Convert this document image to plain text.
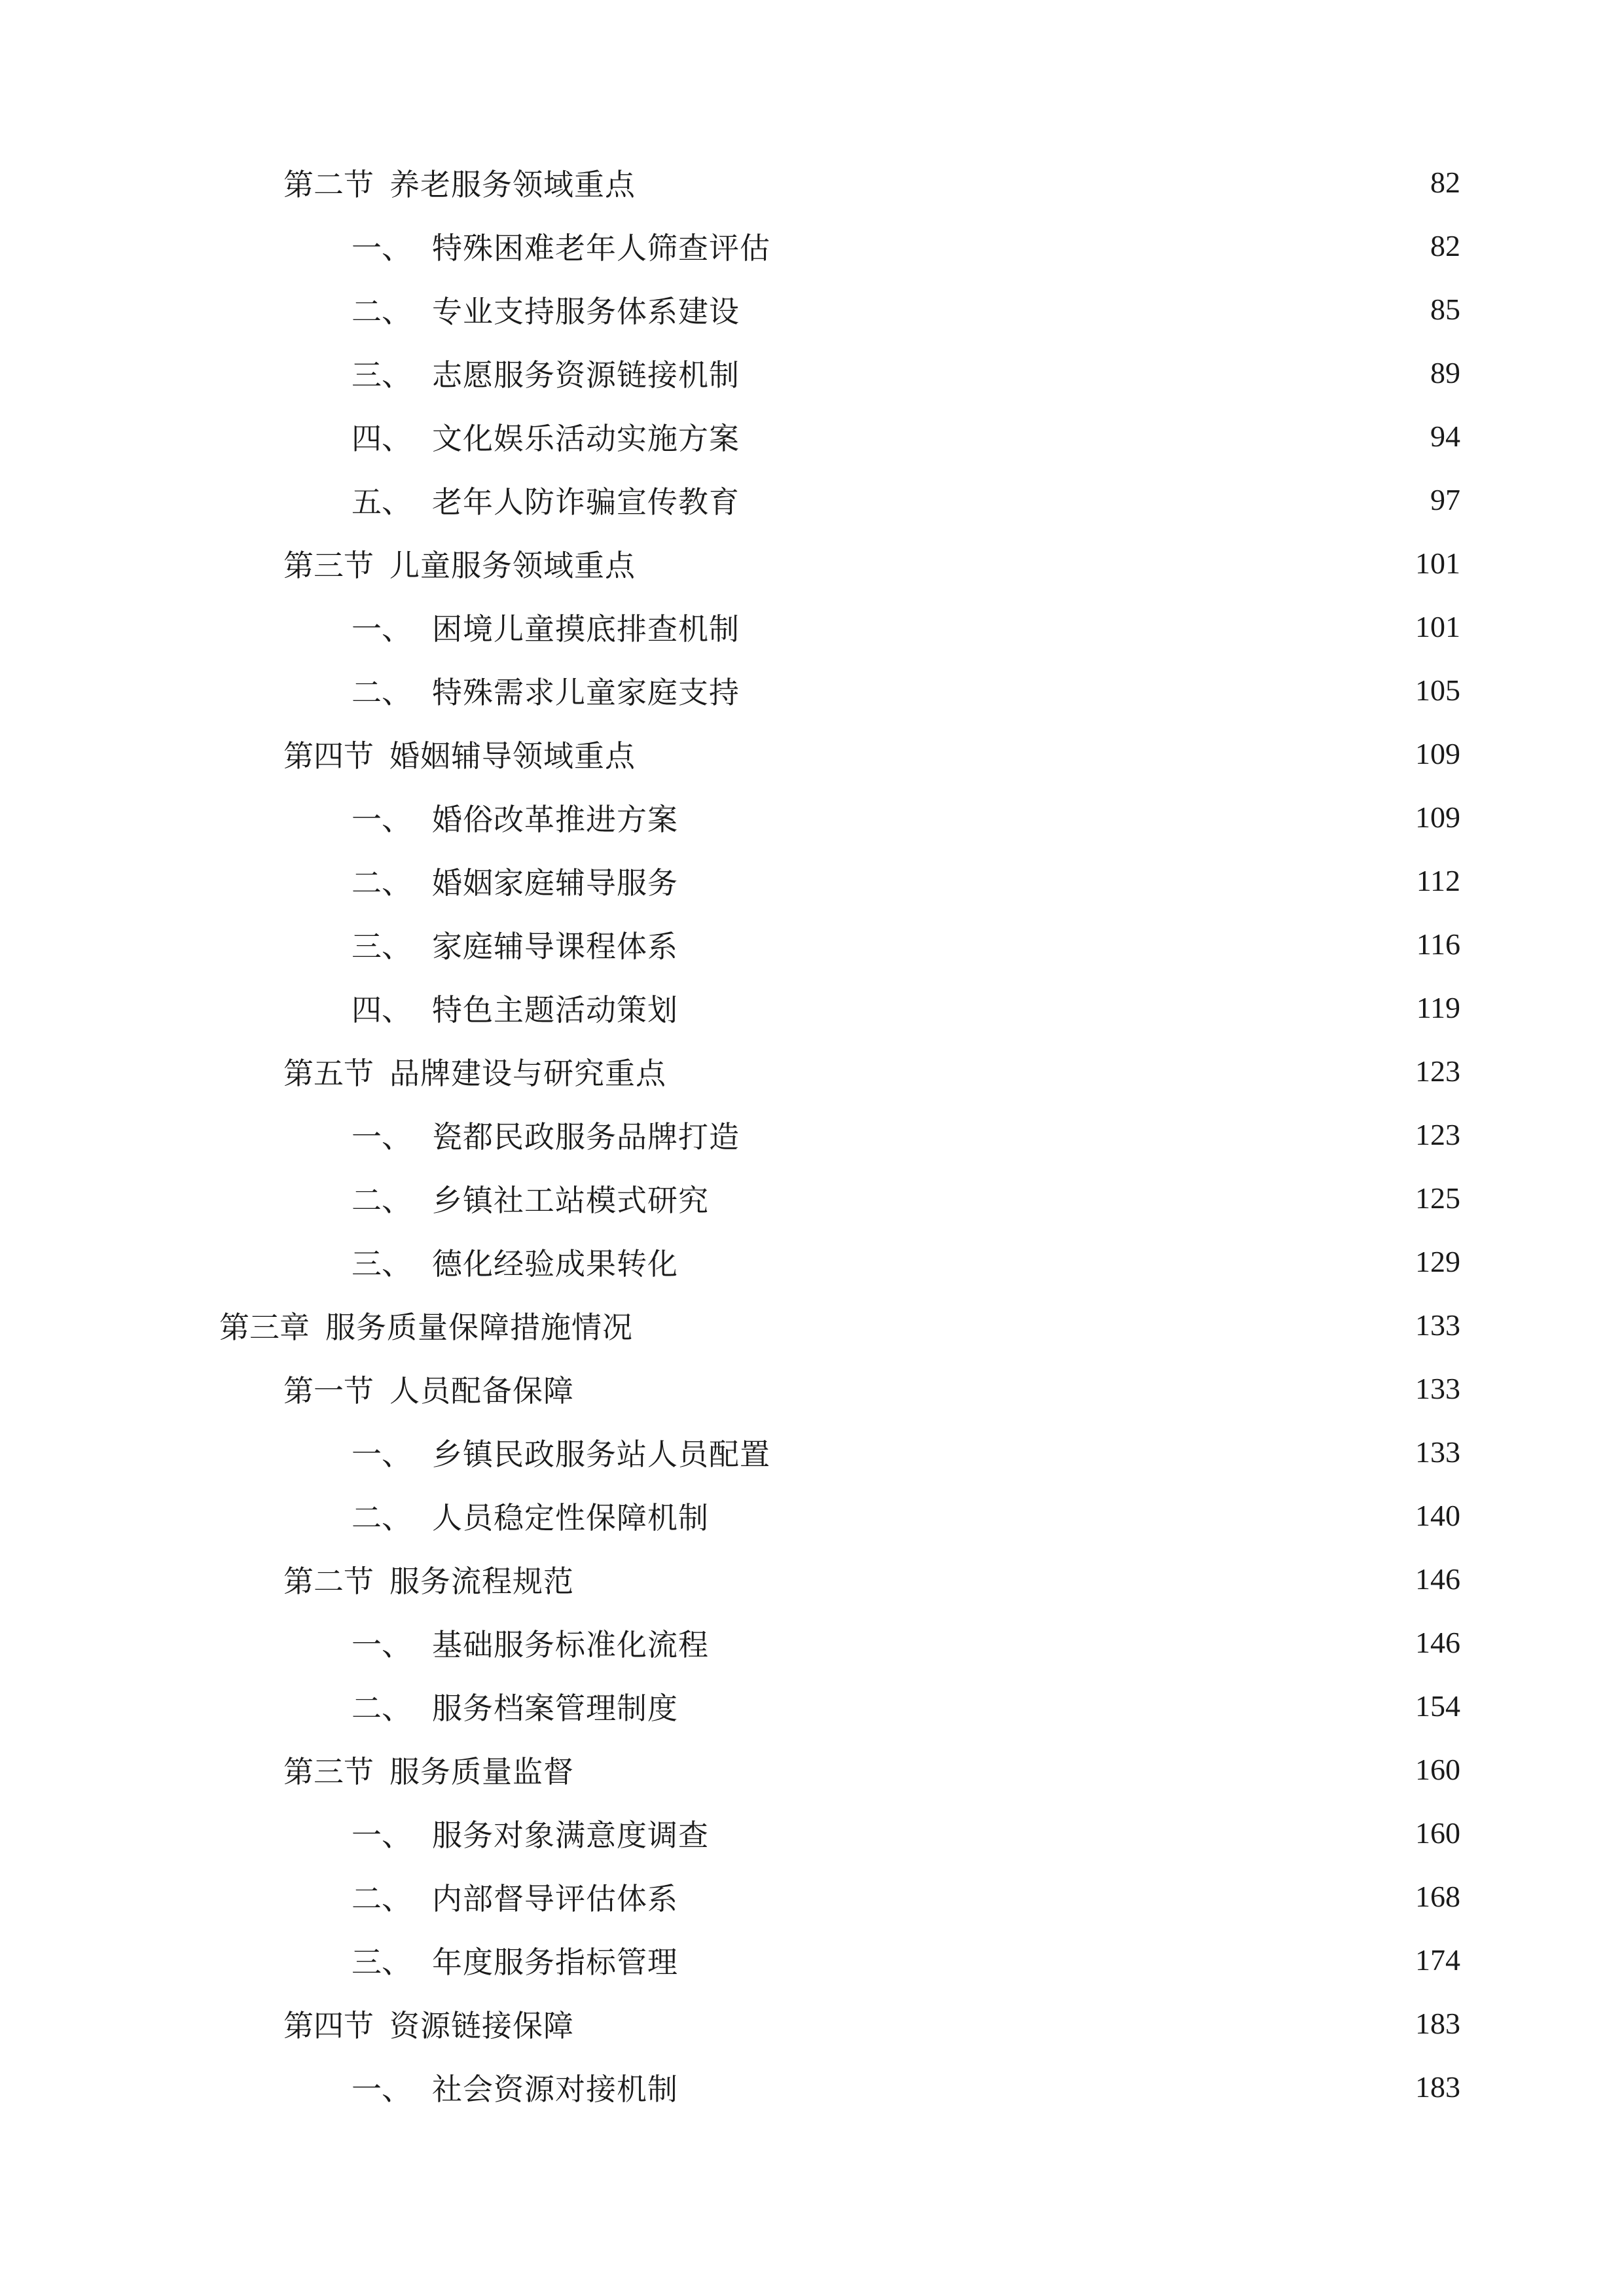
第二节 养老服务领域重点	82
一、 特殊困难老年人筛查评估	82
二、 专业支持服务体系建设	85
三、 志愿服务资源链接机制	89
四、 文化娱乐活动实施方案	94
五、 老年人防诈骗宣传教育	97
第三节 儿童服务领域重点	101
一、 困境儿童摸底排查机制	101
二、 特殊需求儿童家庭支持	105
第四节 婚姻辅导领域重点	109
一、 婚俗改革推进方案	109
二、 婚姻家庭辅导服务	112
三、 家庭辅导课程体系	116
四、 特色主题活动策划	119
第五节 品牌建设与研究重点	123
一、 瓷都民政服务品牌打造	123
二、 乡镇社工站模式研究	125
三、 德化经验成果转化	129
第三章 服务质量保障措施情况	133
第一节 人员配备保障	133
一、 乡镇民政服务站人员配置	133
二、 人员稳定性保障机制	140
第二节 服务流程规范	146
一、 基础服务标准化流程	146
二、 服务档案管理制度	154
第三节 服务质量监督	160
一、 服务对象满意度调查	160
二、 内部督导评估体系	168
三、 年度服务指标管理	174
第四节 资源链接保障	183
一、 社会资源对接机制	183
